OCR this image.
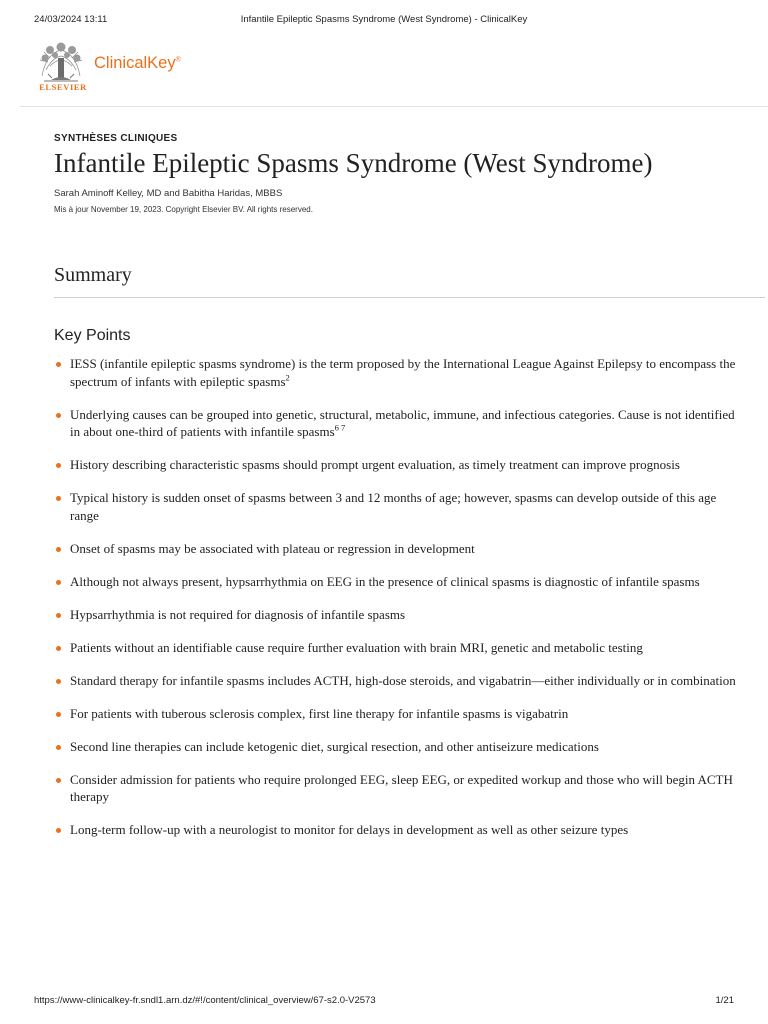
24/03/2024 13:11	Infantile Epileptic Spasms Syndrome (West Syndrome) - ClinicalKey
ELSEVIER
ClinicalKey®
SYNTHÈSES CLINIQUES
Infantile Epileptic Spasms Syndrome (West Syndrome)
Sarah Aminoff Kelley, MD and Babitha Haridas, MBBS
Mis à jour November 19, 2023. Copyright Elsevier BV. All rights reserved.
Summary
Key Points
IESS (infantile epileptic spasms syndrome) is the term proposed by the International League Against Epilepsy to encompass the spectrum of infants with epileptic spasms$^2$
Underlying causes can be grouped into genetic, structural, metabolic, immune, and infectious categories. Cause is not identified in about one-third of patients with infantile spasms$^{6 7}$
History describing characteristic spasms should prompt urgent evaluation, as timely treatment can improve prognosis
Typical history is sudden onset of spasms between 3 and 12 months of age; however, spasms can develop outside of this age range
Onset of spasms may be associated with plateau or regression in development
Although not always present, hypsarrhythmia on EEG in the presence of clinical spasms is diagnostic of infantile spasms
Hypsarrhythmia is not required for diagnosis of infantile spasms
Patients without an identifiable cause require further evaluation with brain MRI, genetic and metabolic testing
Standard therapy for infantile spasms includes ACTH, high-dose steroids, and vigabatrin—either individually or in combination
For patients with tuberous sclerosis complex, first line therapy for infantile spasms is vigabatrin
Second line therapies can include ketogenic diet, surgical resection, and other antiseizure medications
Consider admission for patients who require prolonged EEG, sleep EEG, or expedited workup and those who will begin ACTH therapy
Long-term follow-up with a neurologist to monitor for delays in development as well as other seizure types
https://www-clinicalkey-fr.sndl1.arn.dz/#!/content/clinical_overview/67-s2.0-V2573	1/21
